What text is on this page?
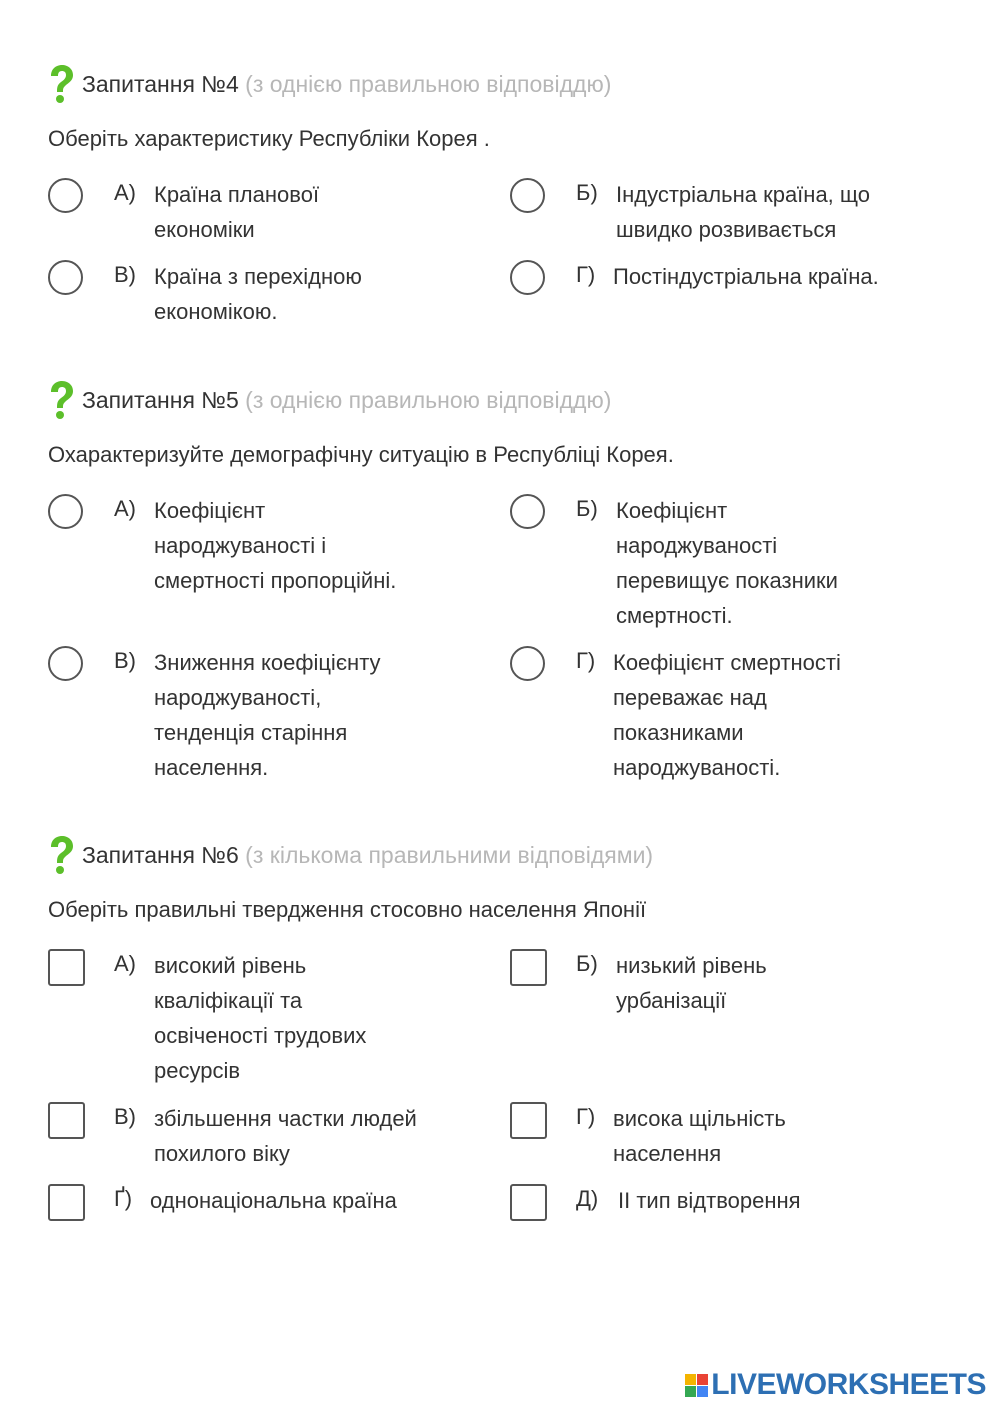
Запитання №4 (з однією правильною відповіддю)
Оберіть характеристику Республіки Корея .
А) Країна планової
економіки
Б) Індустріальна країна, що
швидко розвивається
В) Країна з перехідною
економікою.
Г) Постіндустріальна країна.
Запитання №5 (з однією правильною відповіддю)
Охарактеризуйте демографічну ситуацію в Республіці Корея.
А) Коефіцієнт
народжуваності і
смертності пропорційні.
Б) Коефіцієнт
народжуваності
перевищує показники
смертності.
В) Зниження коефіцієнту
народжуваності,
тенденція старіння
населення.
Г) Коефіцієнт смертності
переважає над
показниками
народжуваності.
Запитання №6 (з кількома правильними відповідями)
Оберіть правильні твердження стосовно населення Японії
А) високий рівень
кваліфікації та
освіченості трудових
ресурсів
Б) низький рівень
урбанізації
В) збільшення частки людей
похилого віку
Г) висока щільність
населення
Ґ) однонаціональна країна	Д) ІІ тип відтворення
LIVEWORKSHEETS
